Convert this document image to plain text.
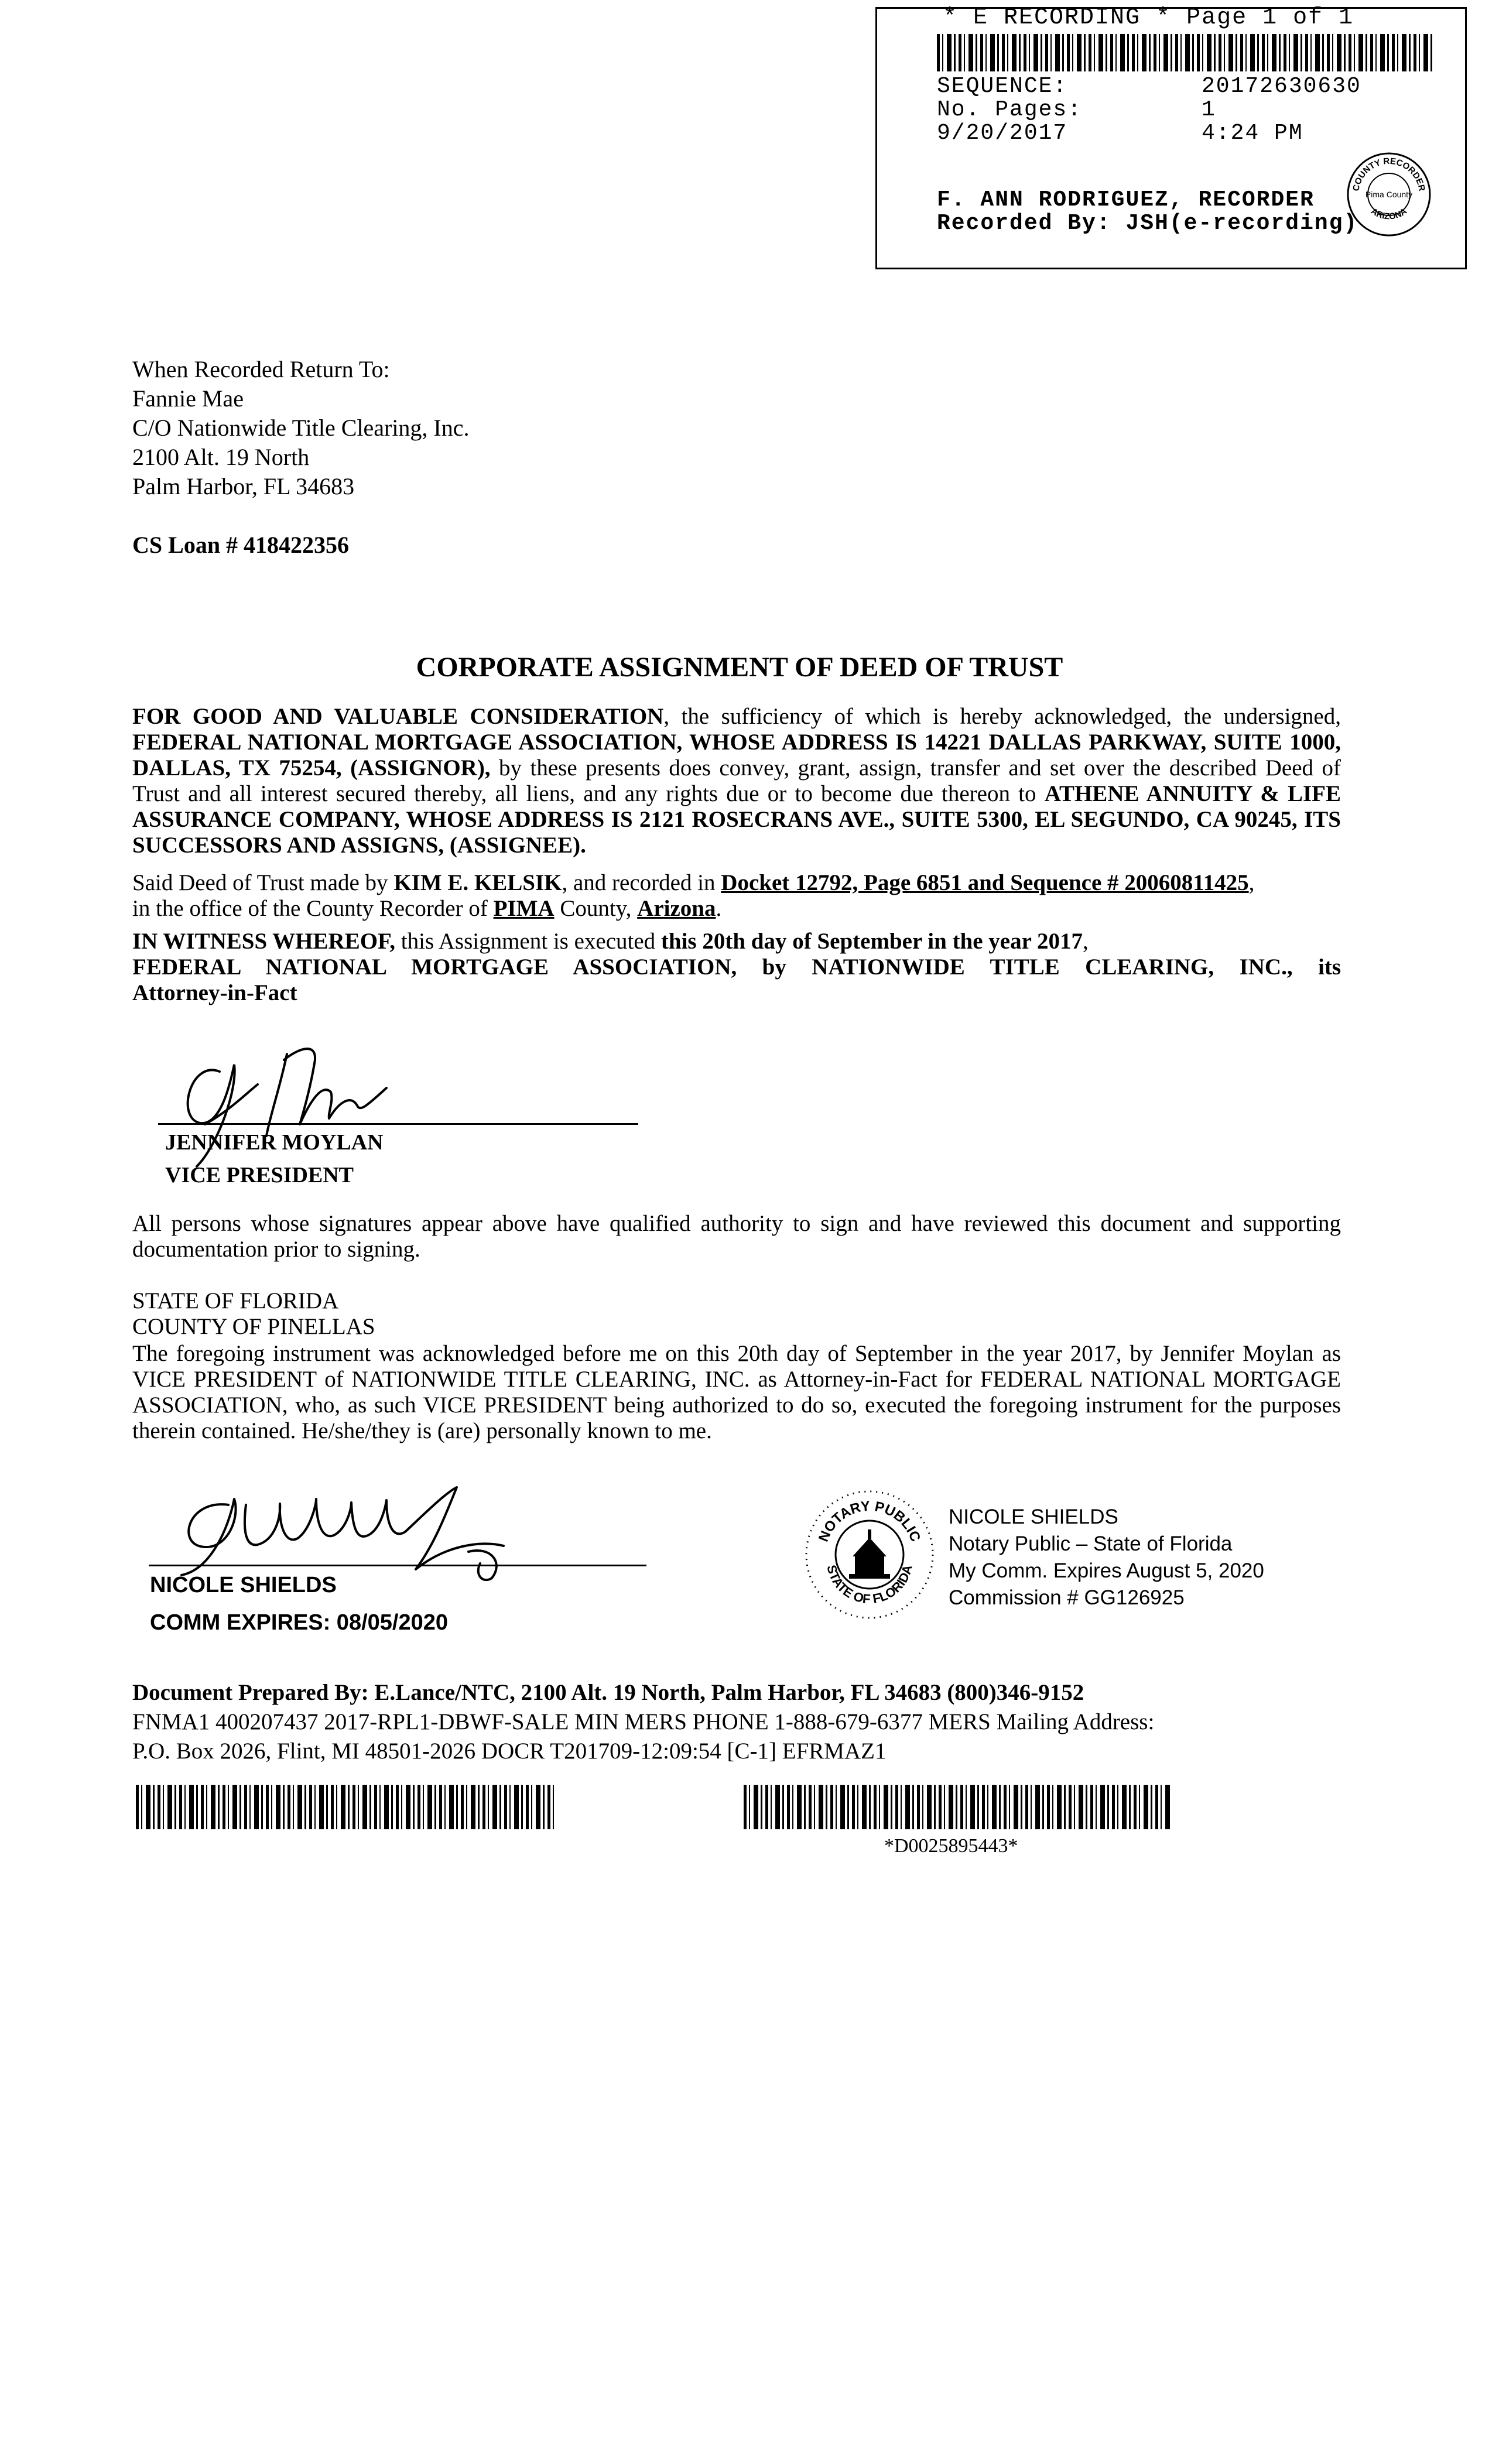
* E RECORDING * Page 1 of 1
SEQUENCE:	20172630630
No. Pages:	1
9/20/2017	4:24 PM
F. ANN RODRIGUEZ, RECORDER
Recorded By: JSH(e-recording)
COUNTY RECORDER
ARIZONA
Pima County
When Recorded Return To:
Fannie Mae
C/O Nationwide Title Clearing, Inc.
2100 Alt. 19 North
Palm Harbor, FL 34683
CS Loan # 418422356
CORPORATE ASSIGNMENT OF DEED OF TRUST
FOR GOOD AND VALUABLE CONSIDERATION, the sufficiency of which is hereby acknowledged, the undersigned, FEDERAL NATIONAL MORTGAGE ASSOCIATION, WHOSE ADDRESS IS 14221 DALLAS PARKWAY, SUITE 1000, DALLAS, TX 75254, (ASSIGNOR), by these presents does convey, grant, assign, transfer and set over the described Deed of Trust and all interest secured thereby, all liens, and any rights due or to become due thereon to ATHENE ANNUITY & LIFE ASSURANCE COMPANY, WHOSE ADDRESS IS 2121 ROSECRANS AVE., SUITE 5300, EL SEGUNDO, CA 90245, ITS SUCCESSORS AND ASSIGNS, (ASSIGNEE).
Said Deed of Trust made by KIM E. KELSIK, and recorded in Docket 12792, Page 6851 and Sequence # 20060811425,
in the office of the County Recorder of PIMA County, Arizona.
IN WITNESS WHEREOF, this Assignment is executed this 20th day of September in the year 2017,
FEDERAL NATIONAL MORTGAGE ASSOCIATION, by NATIONWIDE TITLE CLEARING, INC., its
Attorney-in-Fact
JENNIFER MOYLAN
VICE PRESIDENT
All persons whose signatures appear above have qualified authority to sign and have reviewed this document and supporting documentation prior to signing.
STATE OF FLORIDA
COUNTY OF PINELLAS
The foregoing instrument was acknowledged before me on this 20th day of September in the year 2017, by Jennifer Moylan as VICE PRESIDENT of NATIONWIDE TITLE CLEARING, INC. as Attorney-in-Fact for FEDERAL NATIONAL MORTGAGE ASSOCIATION, who, as such VICE PRESIDENT being authorized to do so, executed the foregoing instrument for the purposes therein contained. He/she/they is (are) personally known to me.
NICOLE SHIELDS
COMM EXPIRES: 08/05/2020
NOTARY PUBLIC
STATE OF FLORIDA
NICOLE SHIELDS
Notary Public – State of Florida
My Comm. Expires August 5, 2020
Commission # GG126925
Document Prepared By: E.Lance/NTC, 2100 Alt. 19 North, Palm Harbor, FL 34683 (800)346-9152
FNMA1 400207437 2017-RPL1-DBWF-SALE MIN MERS PHONE 1-888-679-6377 MERS Mailing Address:
P.O. Box 2026, Flint, MI 48501-2026 DOCR T201709-12:09:54 [C-1] EFRMAZ1
*D0025895443*
